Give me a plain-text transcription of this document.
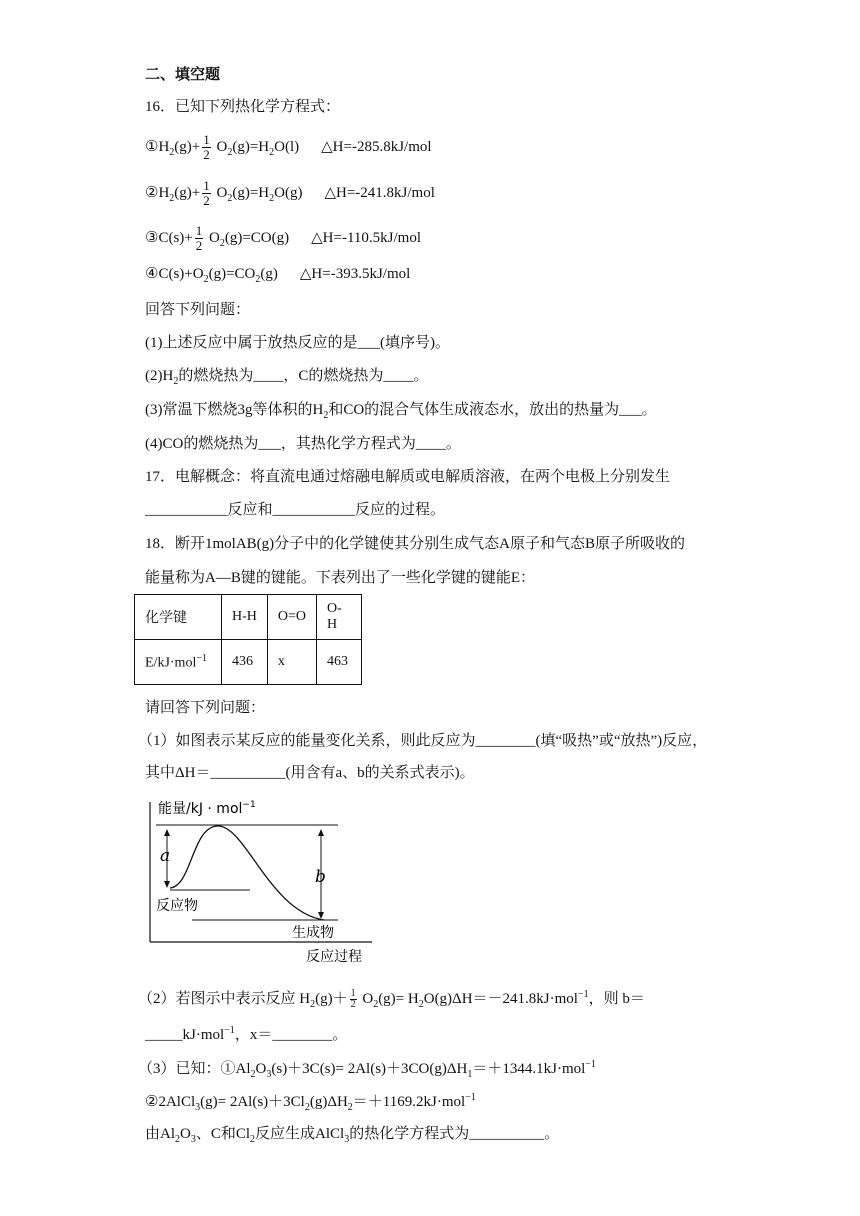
二、填空题
16．已知下列热化学方程式：
$①H_2(g)+ \frac{1}{2} O_2(g)=H_2O(l)$ △H=-285.8kJ/mol
$②H_2(g)+ \frac{1}{2} O_2(g)=H_2O(g)$ △H=-241.8kJ/mol
③C(s)+ $\frac{1}{2} O_2(g)=CO(g)$ △H=-110.5kJ/mol
$④C(s)+O_2(g)=CO_2(g)$ △H=-393.5kJ/mol
回答下列问题：
(1)上述反应中属于放热反应的是___(填序号)。
$(2)H_2$的燃烧热为____，C的燃烧热为____。
(3)常温下燃烧3g等体积的$H_2$和CO的混合气体生成液态水，放出的热量为___。
(4)CO的燃烧热为___，其热化学方程式为____。
17．电解概念：将直流电通过熔融电解质或电解质溶液，在两个电极上分别发生
___________反应和___________反应的过程。
18．断开1molAB(g)分子中的化学键使其分别生成气态A原子和气态B原子所吸收的
能量称为A—B键的键能。下表列出了一些化学键的键能E：
化学键	H-H	O=O	O-H
E/kJ·mol$^{-1}$	436	x	463
请回答下列问题：
（1）如图表示某反应的能量变化关系，则此反应为________(填“吸热”或“放热”)反应，
其中ΔH＝__________(用含有a、b的关系式表示)。
能量/kJ · mol$^{-1}$
a
b
反应物
生成物
反应过程
（2）若图示中表示反应 $H_2(g)+ \frac{1}{2} O_2(g)= H_2O(g)\Delta H=-241.8kJ\cdot mol^{-1}$，则 b＝
_____kJ·mol$^{-1}$，x＝________。
（3）已知：$①Al_2O_3(s)+3C(s)= 2Al(s)+3CO(g)\Delta H_1=+1344.1kJ\cdot mol^{-1}$
②2AlCl$_3$(g)= $2Al(s)+3Cl_2(g)\Delta H_2=+1169.2kJ\cdot mol^{-1}$
由$Al_2O_3$、C和$Cl_2$反应生成AlCl$_3$的热化学方程式为__________。
